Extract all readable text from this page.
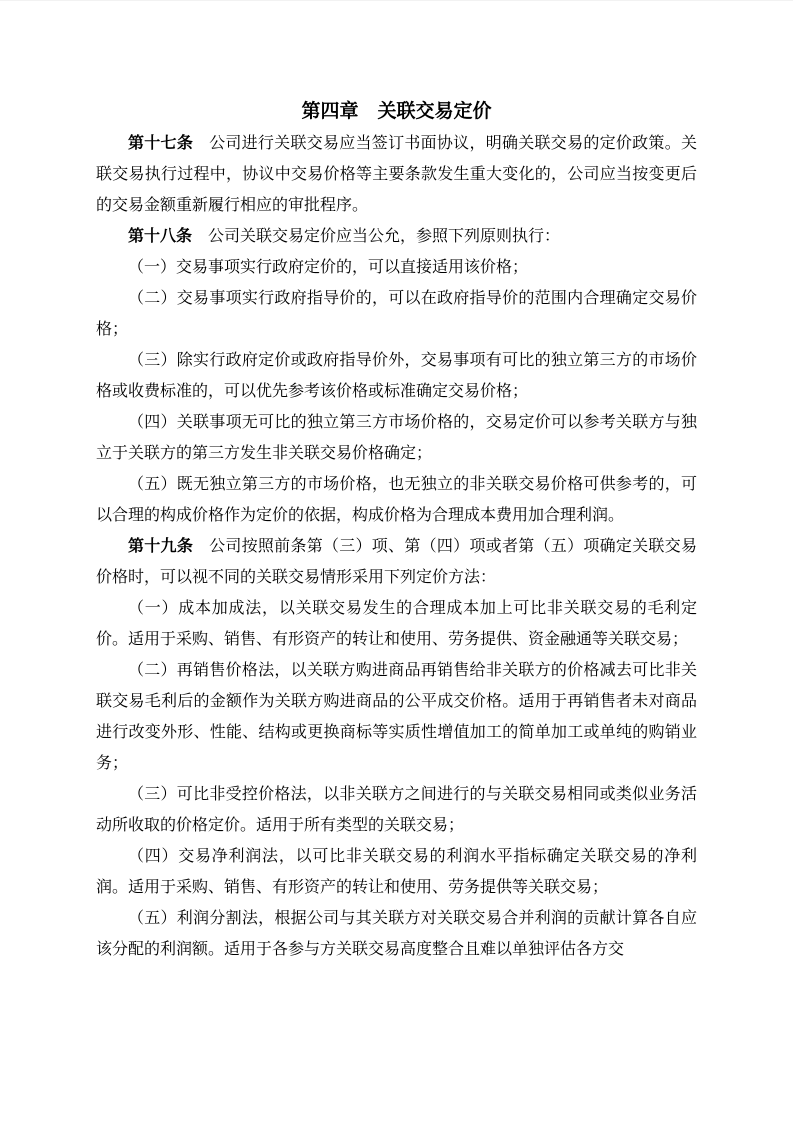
第四章　关联交易定价

第十七条 公司进行关联交易应当签订书面协议，明确关联交易的定价政策。关联交易执行过程中，协议中交易价格等主要条款发生重大变化的，公司应当按变更后的交易金额重新履行相应的审批程序。

第十八条 公司关联交易定价应当公允，参照下列原则执行：

（一）交易事项实行政府定价的，可以直接适用该价格；

（二）交易事项实行政府指导价的，可以在政府指导价的范围内合理确定交易价格；

（三）除实行政府定价或政府指导价外，交易事项有可比的独立第三方的市场价格或收费标准的，可以优先参考该价格或标准确定交易价格；

（四）关联事项无可比的独立第三方市场价格的，交易定价可以参考关联方与独立于关联方的第三方发生非关联交易价格确定；

（五）既无独立第三方的市场价格，也无独立的非关联交易价格可供参考的，可以合理的构成价格作为定价的依据，构成价格为合理成本费用加合理利润。

第十九条 公司按照前条第（三）项、第（四）项或者第（五）项确定关联交易价格时，可以视不同的关联交易情形采用下列定价方法：

（一）成本加成法，以关联交易发生的合理成本加上可比非关联交易的毛利定价。适用于采购、销售、有形资产的转让和使用、劳务提供、资金融通等关联交易；

（二）再销售价格法，以关联方购进商品再销售给非关联方的价格减去可比非关联交易毛利后的金额作为关联方购进商品的公平成交价格。适用于再销售者未对商品进行改变外形、性能、结构或更换商标等实质性增值加工的简单加工或单纯的购销业务；

（三）可比非受控价格法，以非关联方之间进行的与关联交易相同或类似业务活动所收取的价格定价。适用于所有类型的关联交易；

（四）交易净利润法，以可比非关联交易的利润水平指标确定关联交易的净利润。适用于采购、销售、有形资产的转让和使用、劳务提供等关联交易；

（五）利润分割法，根据公司与其关联方对关联交易合并利润的贡献计算各自应该分配的利润额。适用于各参与方关联交易高度整合且难以单独评估各方交
